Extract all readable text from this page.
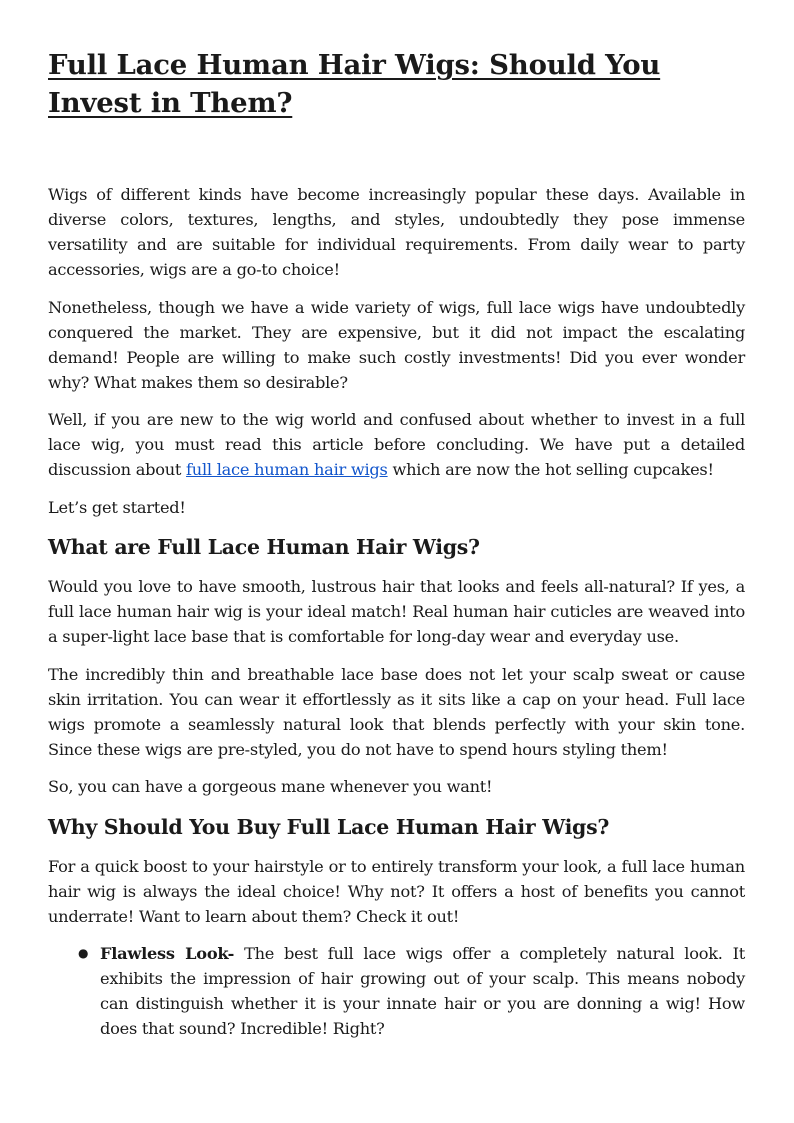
Full Lace Human Hair Wigs: Should You Invest in Them?

Wigs of different kinds have become increasingly popular these days. Available in diverse colors, textures, lengths, and styles, undoubtedly they pose immense versatility and are suitable for individual requirements. From daily wear to party accessories, wigs are a go-to choice!

Nonetheless, though we have a wide variety of wigs, full lace wigs have undoubtedly conquered the market. They are expensive, but it did not impact the escalating demand! People are willing to make such costly investments! Did you ever wonder why? What makes them so desirable?

Well, if you are new to the wig world and confused about whether to invest in a full lace wig, you must read this article before concluding. We have put a detailed discussion about full lace human hair wigs which are now the hot selling cupcakes!

Let’s get started!

What are Full Lace Human Hair Wigs?

Would you love to have smooth, lustrous hair that looks and feels all-natural? If yes, a full lace human hair wig is your ideal match! Real human hair cuticles are weaved into a super-light lace base that is comfortable for long-day wear and everyday use.

The incredibly thin and breathable lace base does not let your scalp sweat or cause skin irritation. You can wear it effortlessly as it sits like a cap on your head. Full lace wigs promote a seamlessly natural look that blends perfectly with your skin tone. Since these wigs are pre-styled, you do not have to spend hours styling them!

So, you can have a gorgeous mane whenever you want!

Why Should You Buy Full Lace Human Hair Wigs?

For a quick boost to your hairstyle or to entirely transform your look, a full lace human hair wig is always the ideal choice! Why not? It offers a host of benefits you cannot underrate! Want to learn about them? Check it out!

● Flawless Look- The best full lace wigs offer a completely natural look. It exhibits the impression of hair growing out of your scalp. This means nobody can distinguish whether it is your innate hair or you are donning a wig! How does that sound? Incredible! Right?
